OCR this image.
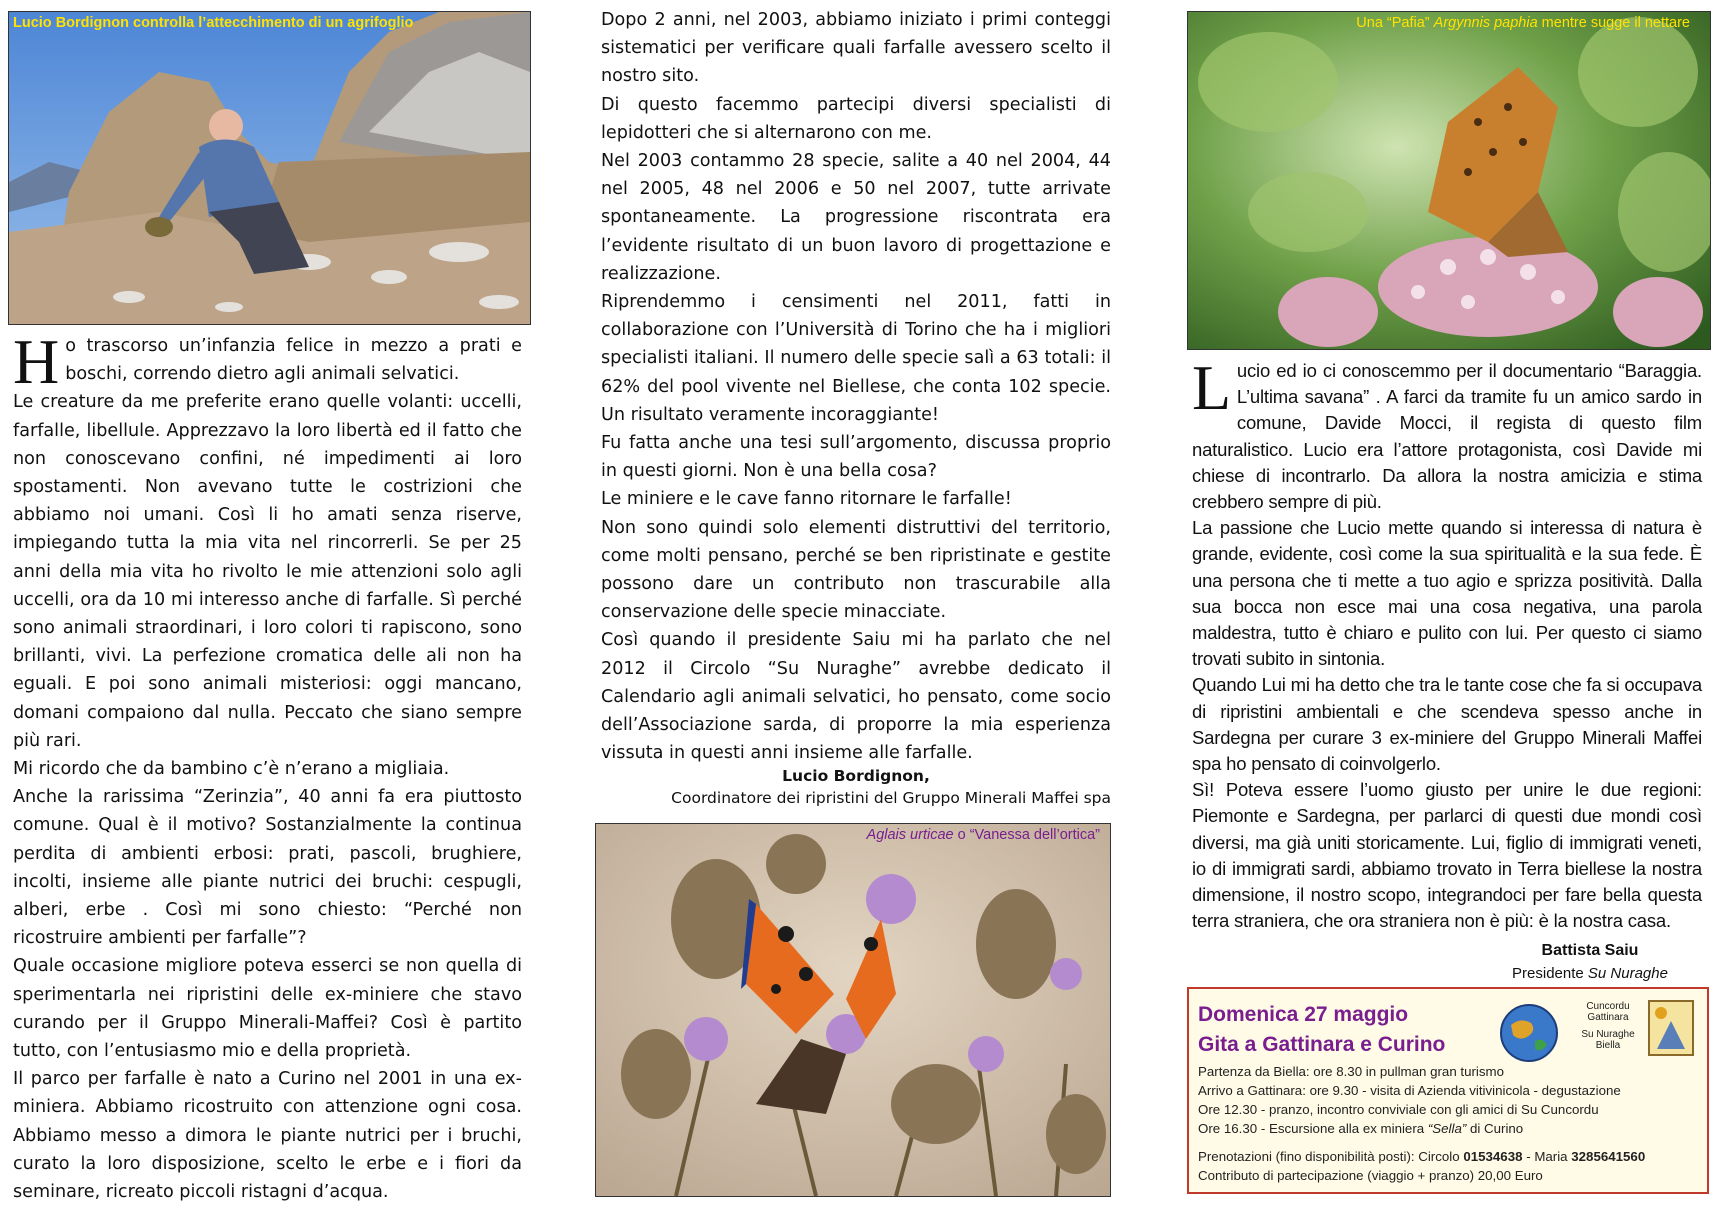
Lucio Bordignon controlla l’attecchimento di un agrifoglio
H o trascorso un’infanzia felice in mezzo a prati e boschi, correndo dietro agli animali selvatici.

Le creature da me preferite erano quelle volanti: uccelli, farfalle, libellule. Apprezzavo la loro libertà ed il fatto che non conoscevano confini, né impedimenti ai loro spostamenti. Non avevano tutte le costrizioni che abbiamo noi umani. Così li ho amati senza riserve, impiegando tutta la mia vita nel rincorrerli. Se per 25 anni della mia vita ho rivolto le mie attenzioni solo agli uccelli, ora da 10 mi interesso anche di farfalle. Sì perché sono animali straordinari, i loro colori ti rapiscono, sono brillanti, vivi. La perfezione cromatica delle ali non ha eguali. E poi sono animali misteriosi: oggi mancano, domani compaiono dal nulla. Peccato che siano sempre più rari.

Mi ricordo che da bambino c’è n’erano a migliaia.

Anche la rarissima “Zerinzia”, 40 anni fa era piuttosto comune. Qual è il motivo? Sostanzialmente la continua perdita di ambienti erbosi: prati, pascoli, brughiere, incolti, insieme alle piante nutrici dei bruchi: cespugli, alberi, erbe . Così mi sono chiesto: “Perché non ricostruire ambienti per farfalle”?

Quale occasione migliore poteva esserci se non quella di sperimentarla nei ripristini delle ex-miniere che stavo curando per il Gruppo Minerali-Maffei? Così è partito tutto, con l’entusiasmo mio e della proprietà.

Il parco per farfalle è nato a Curino nel 2001 in una ex-miniera. Abbiamo ricostruito con attenzione ogni cosa. Abbiamo messo a dimora le piante nutrici per i bruchi, curato la loro disposizione, scelto le erbe e i fiori da seminare, ricreato piccoli ristagni d’acqua.

Dopo 2 anni, nel 2003, abbiamo iniziato i primi conteggi sistematici per verificare quali farfalle avessero scelto il nostro sito.

Di questo facemmo partecipi diversi specialisti di lepidotteri che si alternarono con me.

Nel 2003 contammo 28 specie, salite a 40 nel 2004, 44 nel 2005, 48 nel 2006 e 50 nel 2007, tutte arrivate spontaneamente. La progressione riscontrata era l’evidente risultato di un buon lavoro di progettazione e realizzazione.

Riprendemmo i censimenti nel 2011, fatti in collaborazione con l’Università di Torino che ha i migliori specialisti italiani. Il numero delle specie salì a 63 totali: il 62% del pool vivente nel Biellese, che conta 102 specie. Un risultato veramente incoraggiante!

Fu fatta anche una tesi sull’argomento, discussa proprio in questi giorni. Non è una bella cosa?

Le miniere e le cave fanno ritornare le farfalle!

Non sono quindi solo elementi distruttivi del territorio, come molti pensano, perché se ben ripristinate e gestite possono dare un contributo non trascurabile alla conservazione delle specie minacciate.

Così quando il presidente Saiu mi ha parlato che nel 2012 il Circolo “Su Nuraghe” avrebbe dedicato il Calendario agli animali selvatici, ho pensato, come socio dell’Associazione sarda, di proporre la mia esperienza vissuta in questi anni insieme alle farfalle.

Lucio Bordignon,
Coordinatore dei ripristini del Gruppo Minerali Maffei spa
Aglais urticae o “Vanessa dell’ortica”
Una “Pafia” Argynnis paphia mentre sugge il nettare
L ucio ed io ci conoscemmo per il documentario “Baraggia. L’ultima savana” . A farci da tramite fu un amico sardo in comune, Davide Mocci, il regista di questo film naturalistico. Lucio era l’attore protagonista, così Davide mi chiese di incontrarlo. Da allora la nostra amicizia e stima crebbero sempre di più.

La passione che Lucio mette quando si interessa di natura è grande, evidente, così come la sua spiritualità e la sua fede. È una persona che ti mette a tuo agio e sprizza positività. Dalla sua bocca non esce mai una cosa negativa, una parola maldestra, tutto è chiaro e pulito con lui. Per questo ci siamo trovati subito in sintonia.

Quando Lui mi ha detto che tra le tante cose che fa si occupava di ripristini ambientali e che scendeva spesso anche in Sardegna per curare 3 ex-miniere del Gruppo Minerali Maffei spa ho pensato di coinvolgerlo.

Sì! Poteva essere l’uomo giusto per unire le due regioni: Piemonte e Sardegna, per parlarci di questi due mondi così diversi, ma già uniti storicamente. Lui, figlio di immigrati veneti, io di immigrati sardi, abbiamo trovato in Terra biellese la nostra dimensione, il nostro scopo, integrandoci per fare bella questa terra straniera, che ora straniera non è più: è la nostra casa.

Battista Saiu
Presidente Su Nuraghe
Domenica 27 maggio
Gita a Gattinara e Curino
Cuncordu
Gattinara
Su Nuraghe
Biella
Partenza da Biella: ore 8.30 in pullman gran turismo
Arrivo a Gattinara: ore 9.30 - visita di Azienda vitivinicola - degustazione
Ore 12.30 - pranzo, incontro conviviale con gli amici di Su Cuncordu
Ore 16.30 - Escursione alla ex miniera “Sella” di Curino
Prenotazioni (fino disponibilità posti): Circolo 01534638 - Maria 3285641560
Contributo di partecipazione (viaggio + pranzo) 20,00 Euro
